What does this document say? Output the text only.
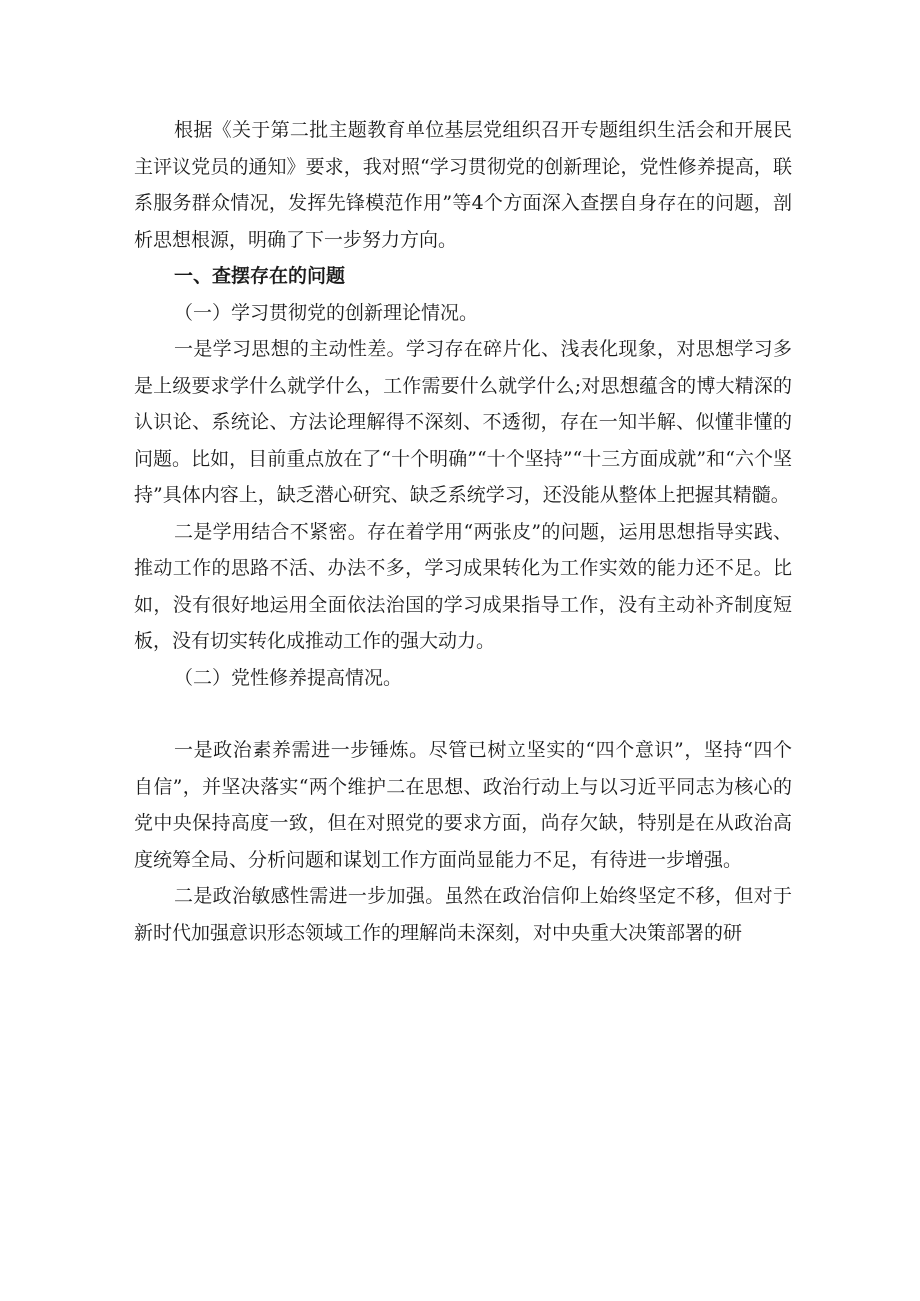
根据《关于第二批主题教育单位基层党组织召开专题组织生活会和开展民主评议党员的通知》要求，我对照“学习贯彻党的创新理论，党性修养提高，联系服务群众情况，发挥先锋模范作用”等4个方面深入查摆自身存在的问题，剖析思想根源，明确了下一步努力方向。

一、查摆存在的问题

（一）学习贯彻党的创新理论情况。

一是学习思想的主动性差。学习存在碎片化、浅表化现象，对思想学习多是上级要求学什么就学什么，工作需要什么就学什么;对思想蕴含的博大精深的认识论、系统论、方法论理解得不深刻、不透彻，存在一知半解、似懂非懂的问题。比如，目前重点放在了“十个明确”“十个坚持”“十三方面成就”和“六个坚持”具体内容上，缺乏潜心研究、缺乏系统学习，还没能从整体上把握其精髓。

二是学用结合不紧密。存在着学用“两张皮”的问题，运用思想指导实践、推动工作的思路不活、办法不多，学习成果转化为工作实效的能力还不足。比如，没有很好地运用全面依法治国的学习成果指导工作，没有主动补齐制度短板，没有切实转化成推动工作的强大动力。

（二）党性修养提高情况。

一是政治素养需进一步锤炼。尽管已树立坚实的“四个意识”，坚持“四个自信”，并坚决落实“两个维护二在思想、政治行动上与以习近平同志为核心的党中央保持高度一致，但在对照党的要求方面，尚存欠缺，特别是在从政治高度统筹全局、分析问题和谋划工作方面尚显能力不足，有待进一步增强。

二是政治敏感性需进一步加强。虽然在政治信仰上始终坚定不移，但对于新时代加强意识形态领域工作的理解尚未深刻，对中央重大决策部署的研
